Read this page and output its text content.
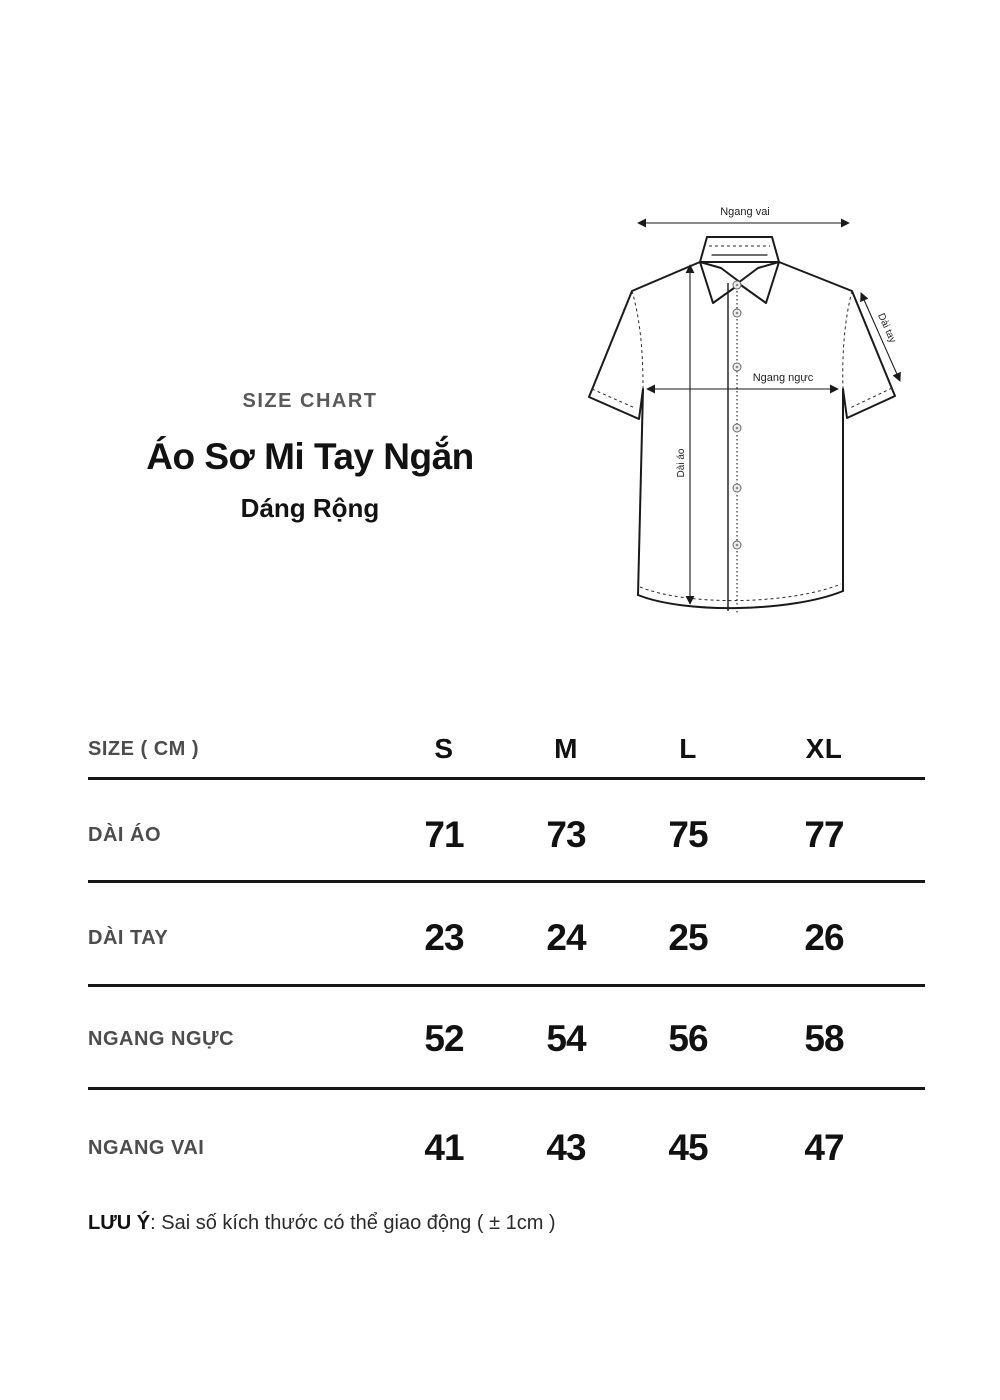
SIZE CHART
Áo Sơ Mi Tay Ngắn
Dáng Rộng
Ngang vai
Ngang ngực
Dài tay
Dài áo
SIZE ( CM )	S	M	L	XL
DÀI ÁO	71	73	75	77
DÀI TAY	23	24	25	26
NGANG NGỰC	52	54	56	58
NGANG VAI	41	43	45	47
LƯU Ý: Sai số kích thước có thể giao động ( ± 1cm )
